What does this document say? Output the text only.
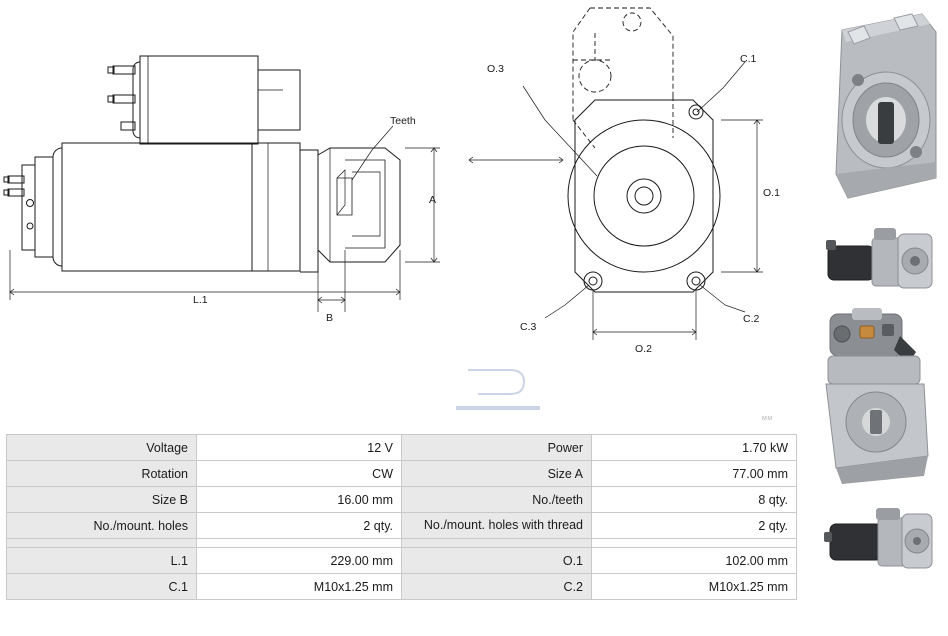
Teeth
A
L.1
B
O.3
O.1
O.2
C.1
C.2
C.3
ᴍᴍ
Voltage	12 V	Power	1.70 kW
Rotation	CW	Size A	77.00 mm
Size B	16.00 mm	No./teeth	8 qty.
No./mount. holes	2 qty.	No./mount. holes with thread	2 qty.

L.1	229.00 mm	O.1	102.00 mm
C.1	M10x1.25 mm	C.2	M10x1.25 mm
